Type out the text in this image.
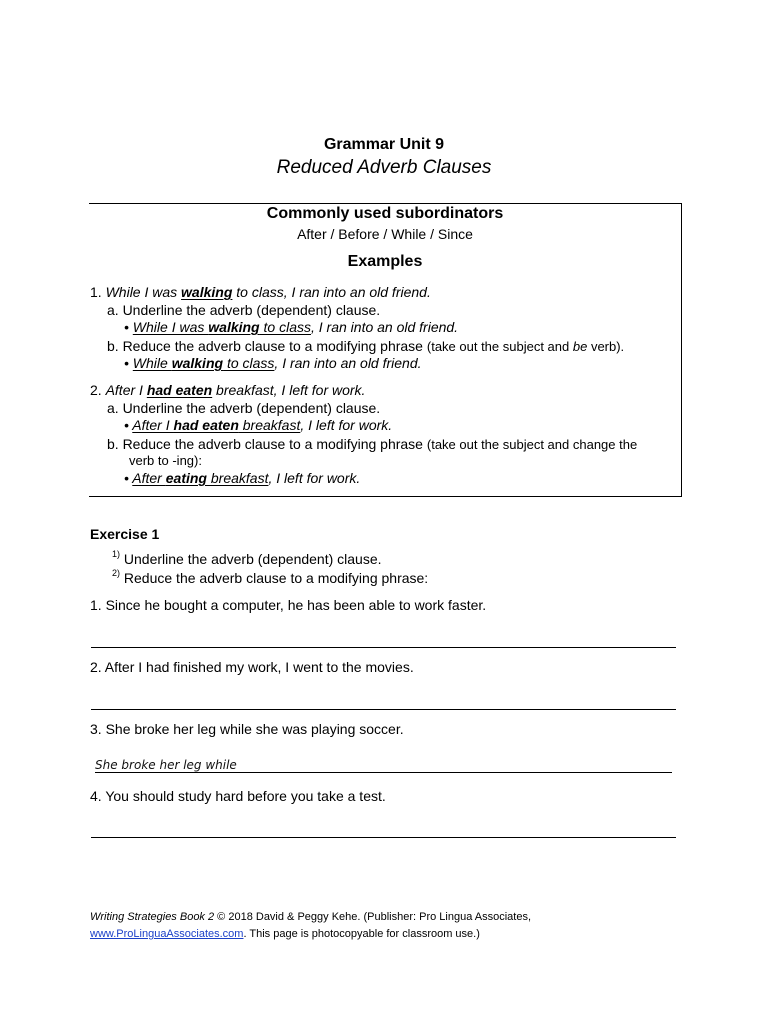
Grammar Unit 9
Reduced Adverb Clauses
Commonly used subordinators
After / Before / While / Since
Examples
1. While I was walking to class, I ran into an old friend.
a. Underline the adverb (dependent) clause.
• While I was walking to class, I ran into an old friend.
b. Reduce the adverb clause to a modifying phrase (take out the subject and be verb).
• While walking to class, I ran into an old friend.
2. After I had eaten breakfast, I left for work.
a. Underline the adverb (dependent) clause.
• After I had eaten breakfast, I left for work.
b. Reduce the adverb clause to a modifying phrase (take out the subject and change the
verb to -ing):
• After eating breakfast, I left for work.
Exercise 1
$^{1)}$ Underline the adverb (dependent) clause.
$^{2)}$ Reduce the adverb clause to a modifying phrase:
1. Since he bought a computer, he has been able to work faster.
2. After I had finished my work, I went to the movies.
3. She broke her leg while she was playing soccer.
She broke her leg while
4. You should study hard before you take a test.
Writing Strategies Book 2 © 2018 David & Peggy Kehe. (Publisher: Pro Lingua Associates,
www.ProLinguaAssociates.com. This page is photocopyable for classroom use.)
